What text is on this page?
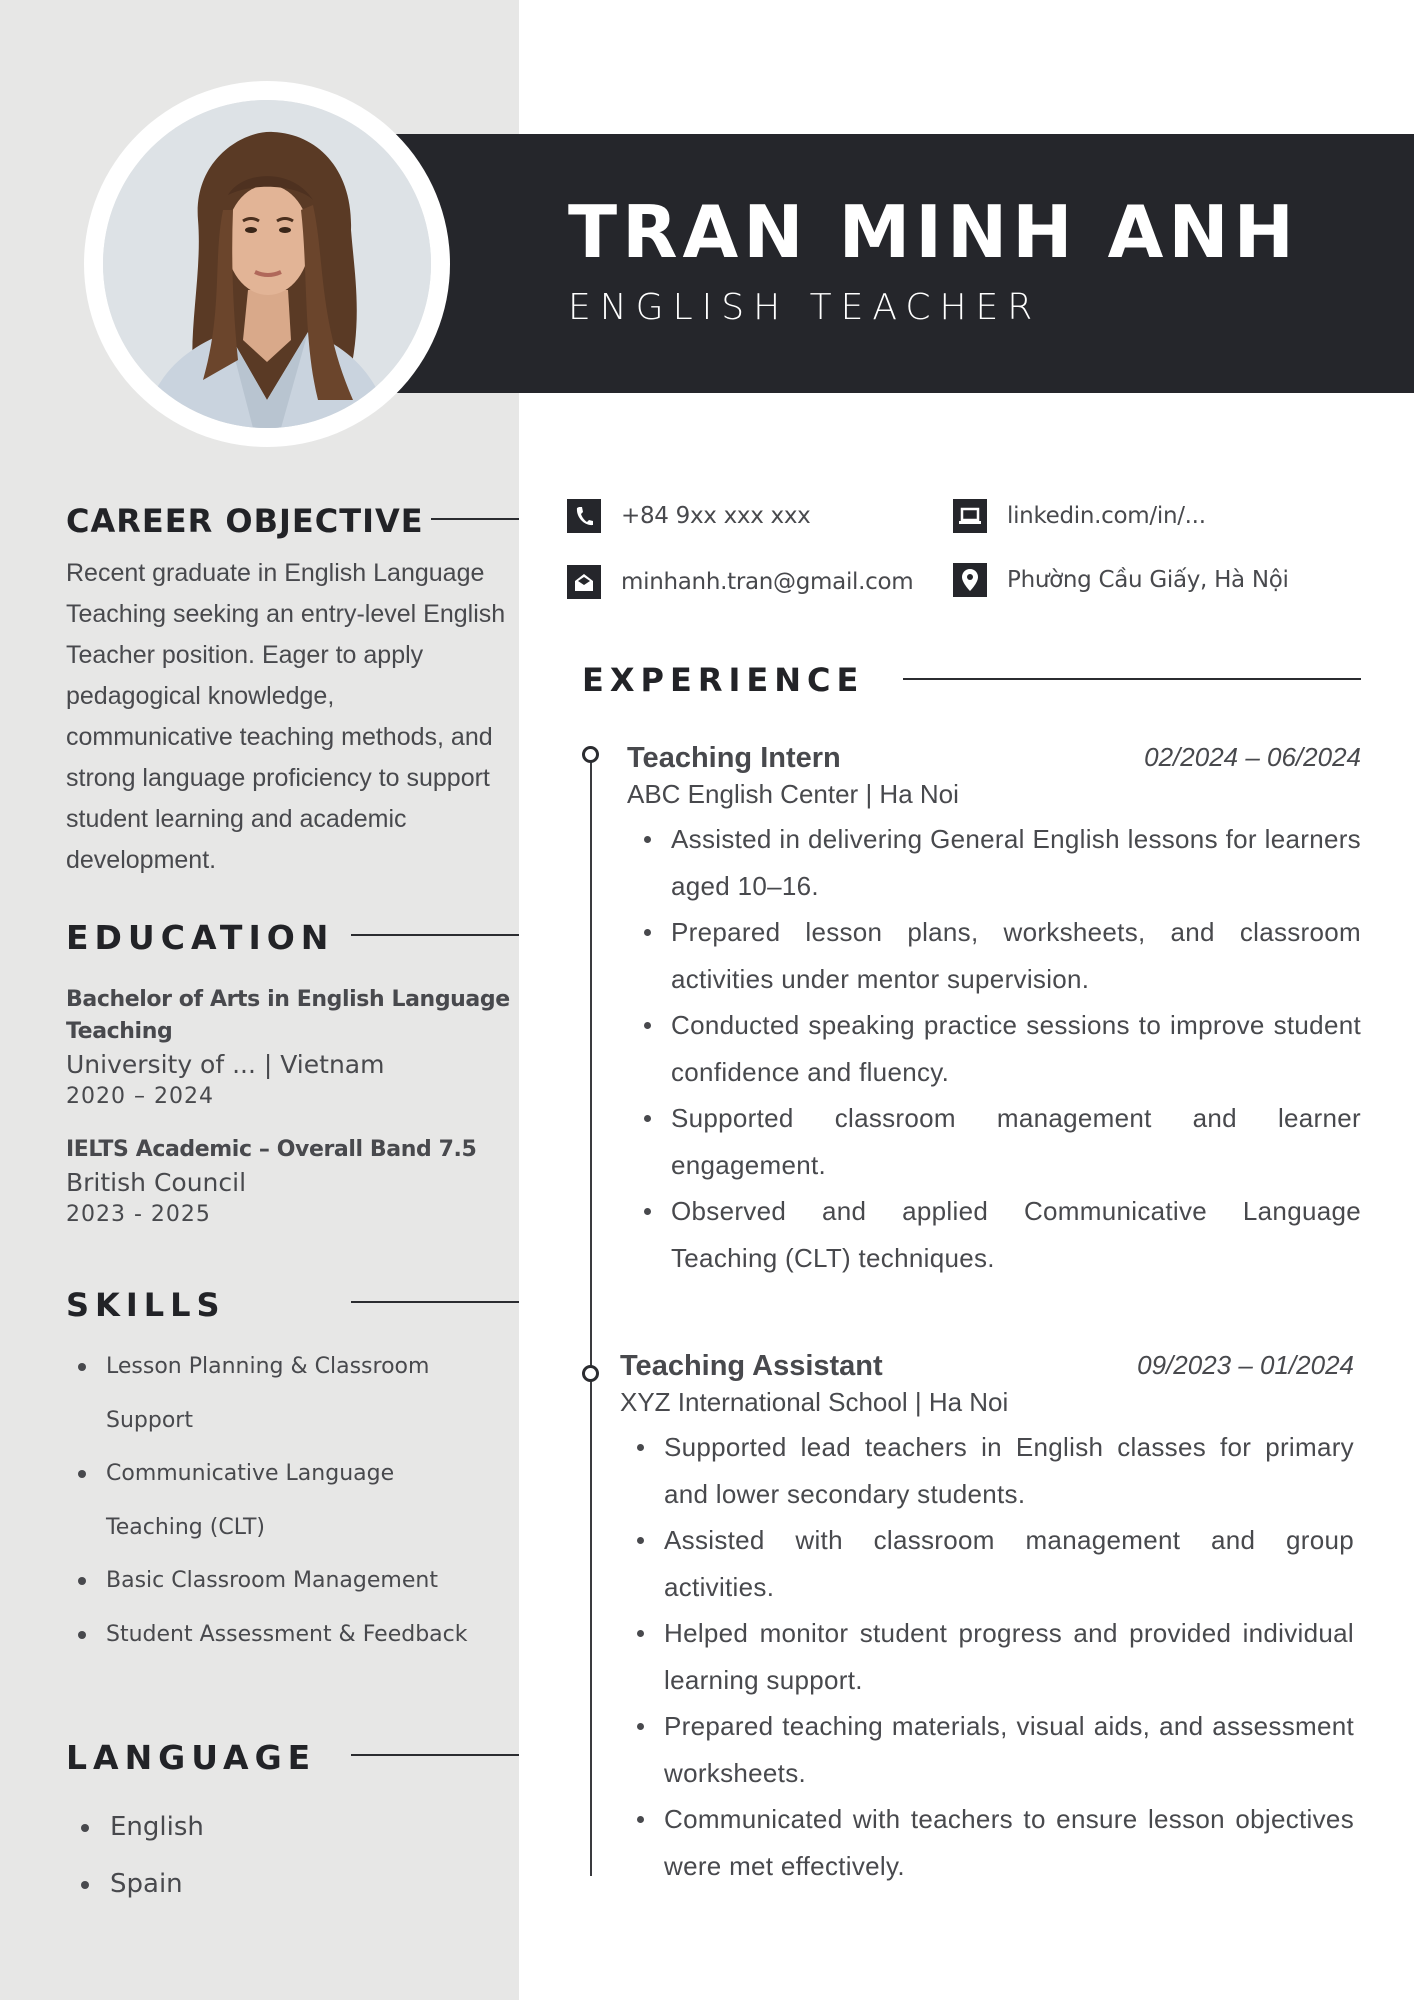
TRAN MINH ANH
ENGLISH TEACHER
CAREER OBJECTIVE

Recent graduate in English Language Teaching seeking an entry-level English Teacher position. Eager to apply pedagogical knowledge, communicative teaching methods, and strong language proficiency to support student learning and academic development.

EDUCATION
Bachelor of Arts in English Language Teaching
University of ... | Vietnam
2020 – 2024
IELTS Academic – Overall Band 7.5
British Council
2023 - 2025
SKILLS
Lesson Planning & Classroom Support
Communicative Language Teaching (CLT)
Basic Classroom Management
Student Assessment & Feedback
LANGUAGE
English
Spain
+84 9xx xxx xxx	linkedin.com/in/...
minhanh.tran@gmail.com	Phường Cầu Giấy, Hà Nội
EXPERIENCE
Teaching Intern	02/2024 – 06/2024
ABC English Center | Ha Noi
Assisted in delivering General English lessons for learners aged 10–16.
Prepared lesson plans, worksheets, and classroom activities under mentor supervision.
Conducted speaking practice sessions to improve student confidence and fluency.
Supported classroom management and learner engagement.
Observed and applied Communicative Language Teaching (CLT) techniques.
Teaching Assistant	09/2023 – 01/2024
XYZ International School | Ha Noi
Supported lead teachers in English classes for primary and lower secondary students.
Assisted with classroom management and group activities.
Helped monitor student progress and provided individual learning support.
Prepared teaching materials, visual aids, and assessment worksheets.
Communicated with teachers to ensure lesson objectives were met effectively.
